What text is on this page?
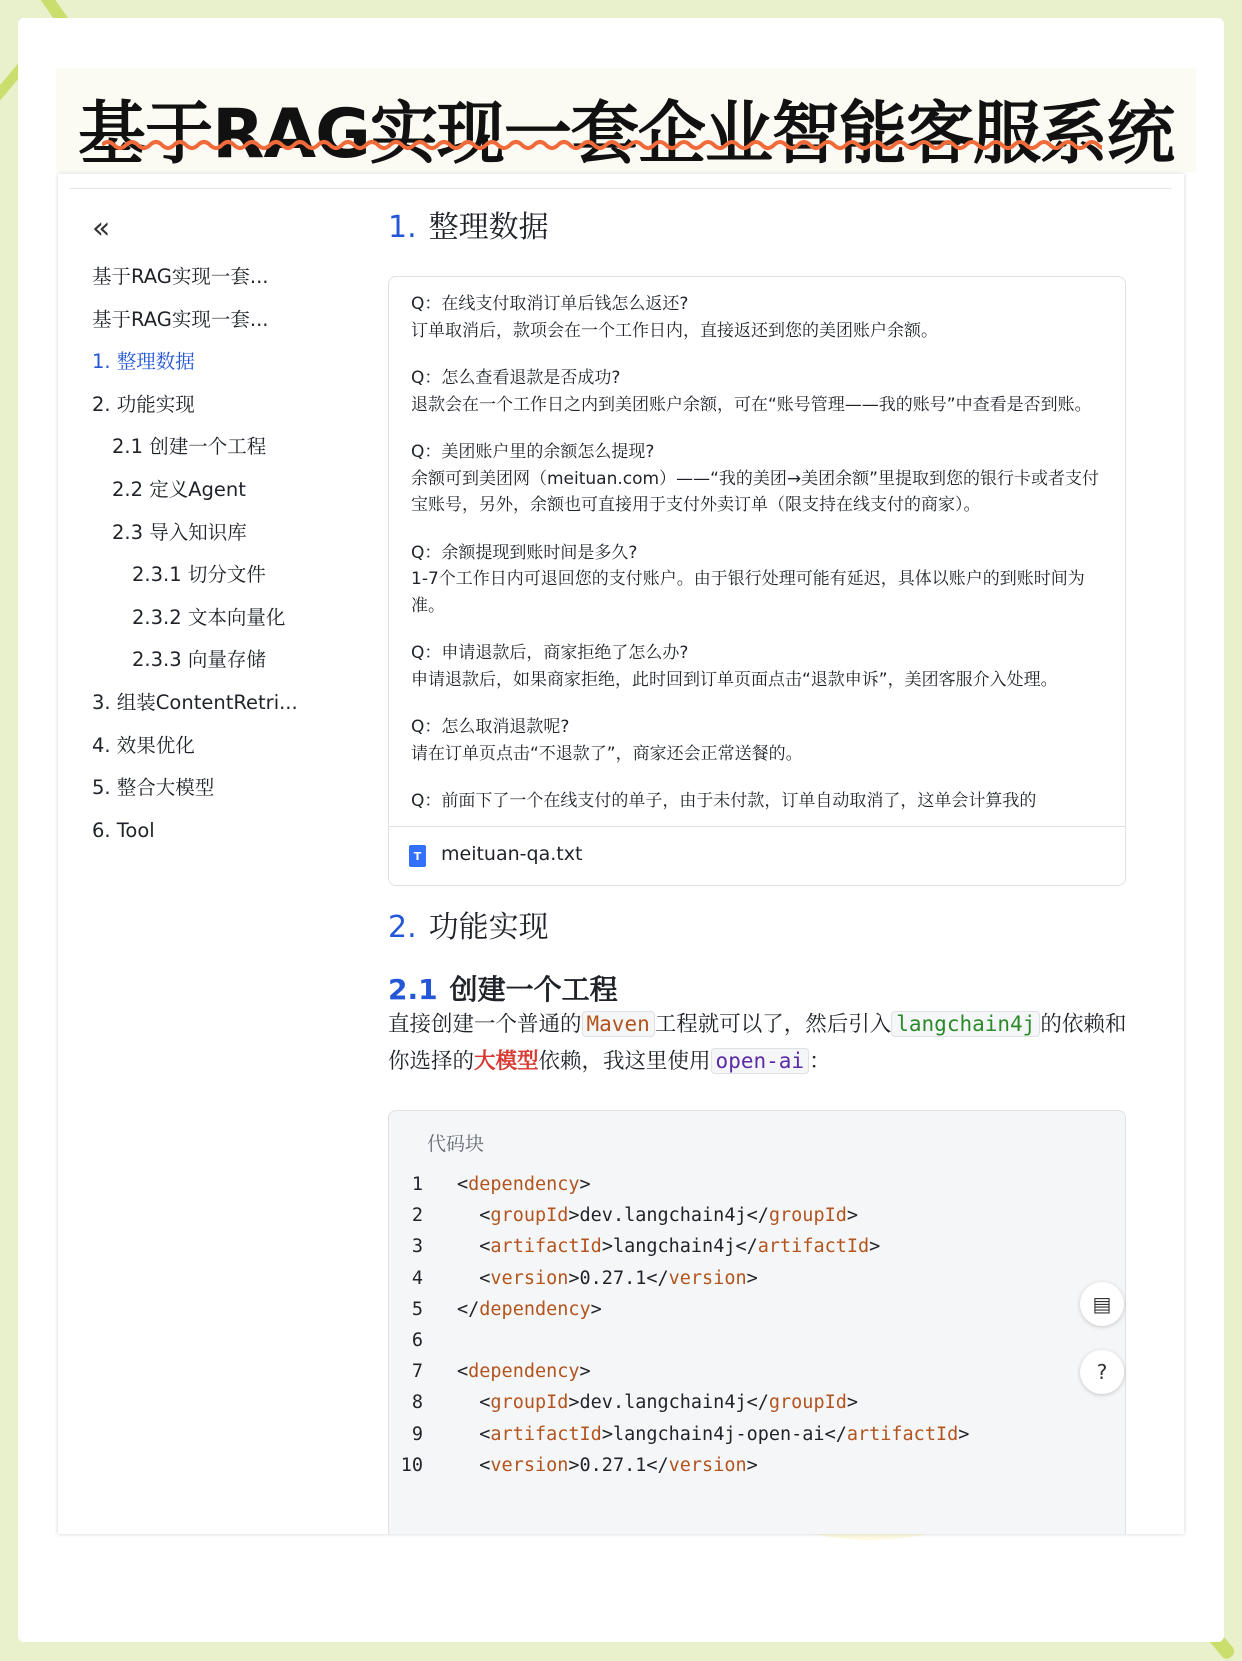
基于RAG实现一套企业智能客服系统
«
基于RAG实现一套...
基于RAG实现一套...
1. 整理数据
2. 功能实现
2.1 创建一个工程
2.2 定义Agent
2.3 导入知识库
2.3.1 切分文件
2.3.2 文本向量化
2.3.3 向量存储
3. 组装ContentRetri...
4. 效果优化
5. 整合大模型
6. Tool
1. 整理数据

Q：在线支付取消订单后钱怎么返还?

订单取消后，款项会在一个工作日内，直接返还到您的美团账户余额。

Q：怎么查看退款是否成功?

退款会在一个工作日之内到美团账户余额，可在“账号管理——我的账号”中查看是否到账。

Q：美团账户里的余额怎么提现?

余额可到美团网（meituan.com）——“我的美团→美团余额”里提取到您的银行卡或者支付宝账号，另外，余额也可直接用于支付外卖订单（限支持在线支付的商家）。

Q：余额提现到账时间是多久?

1-7个工作日内可退回您的支付账户。由于银行处理可能有延迟，具体以账户的到账时间为准。

Q：申请退款后，商家拒绝了怎么办?

申请退款后，如果商家拒绝，此时回到订单页面点击“退款申诉”，美团客服介入处理。

Q：怎么取消退款呢?

请在订单页点击“不退款了”，商家还会正常送餐的。

Q：前面下了一个在线支付的单子，由于未付款，订单自动取消了，这单会计算我的

T meituan-qa.txt
2. 功能实现
2.1 创建一个工程
直接创建一个普通的 Maven 工程就可以了，然后引入 langchain4j 的依赖和你选择的大模型依赖，我这里使用 open-ai ：
代码块
1 <dependency>
2	<groupId>dev.langchain4j</groupId>
3	<artifactId>langchain4j</artifactId>
4	<version>0.27.1</version>
5 </dependency>
6
7 <dependency>
8	<groupId>dev.langchain4j</groupId>
9	<artifactId>langchain4j-open-ai</artifactId>
10	<version>0.27.1</version>
▤
?
